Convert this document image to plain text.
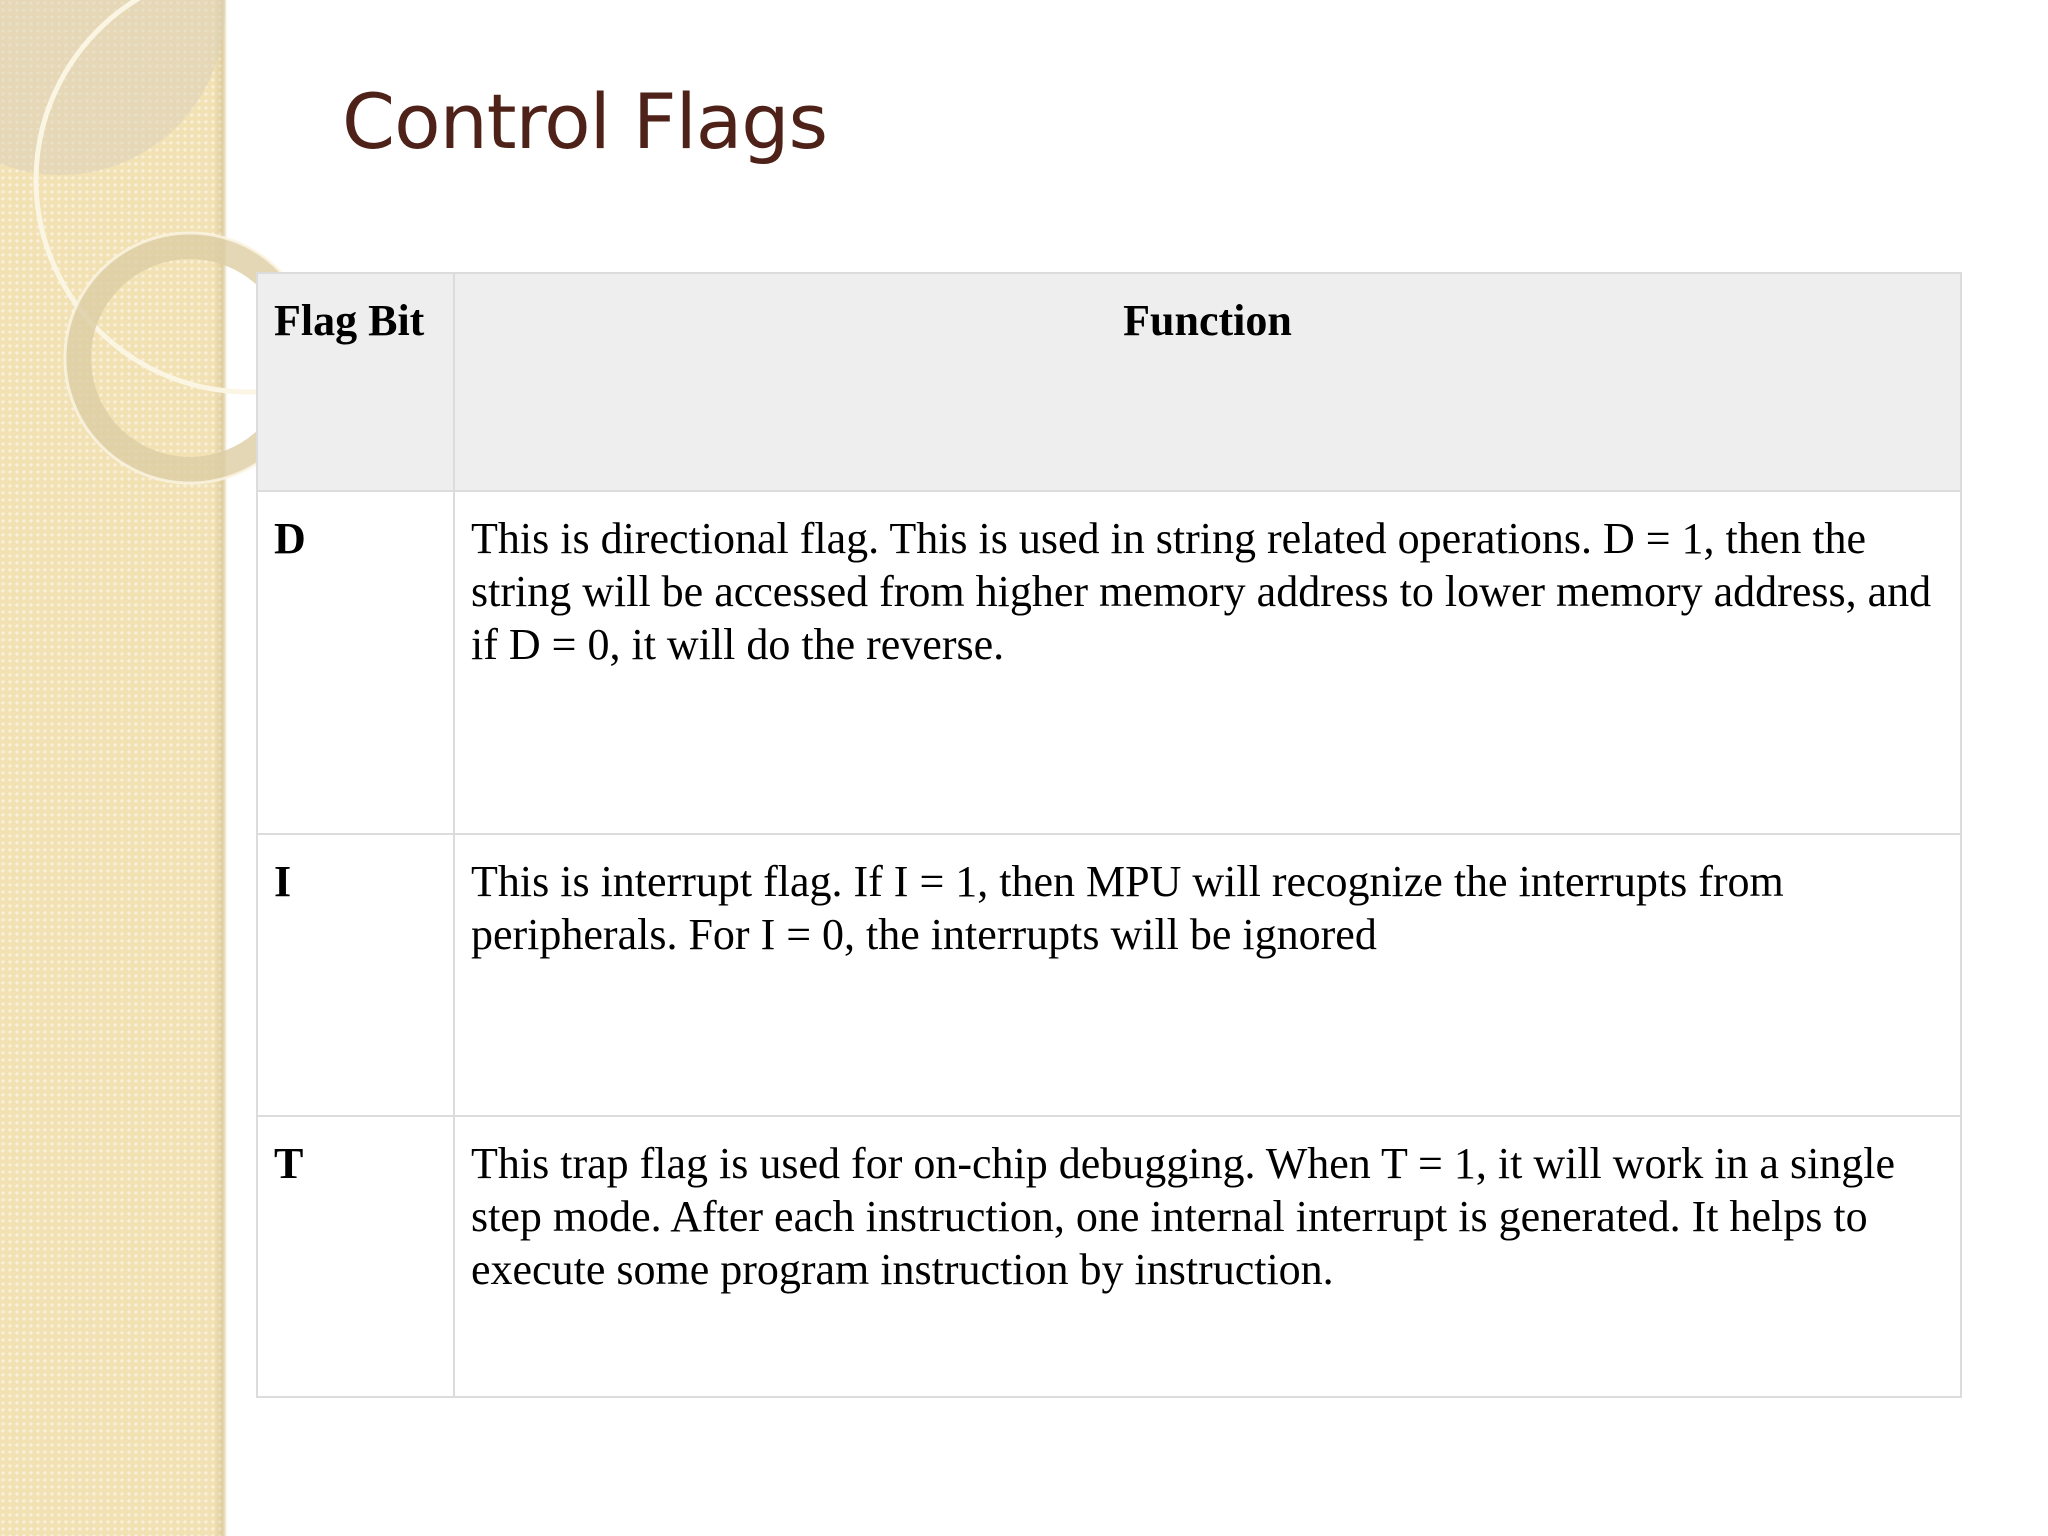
Control Flags
Flag Bit	Function
D	This is directional flag. This is used in string related operations. D = 1, then the string will be accessed from higher memory address to lower memory address, and if D = 0, it will do the reverse.
I	This is interrupt flag. If I = 1, then MPU will recognize the interrupts from peripherals. For I = 0, the interrupts will be ignored
T	This trap flag is used for on-chip debugging. When T = 1, it will work in a single step mode. After each instruction, one internal interrupt is generated. It helps to execute some program instruction by instruction.
